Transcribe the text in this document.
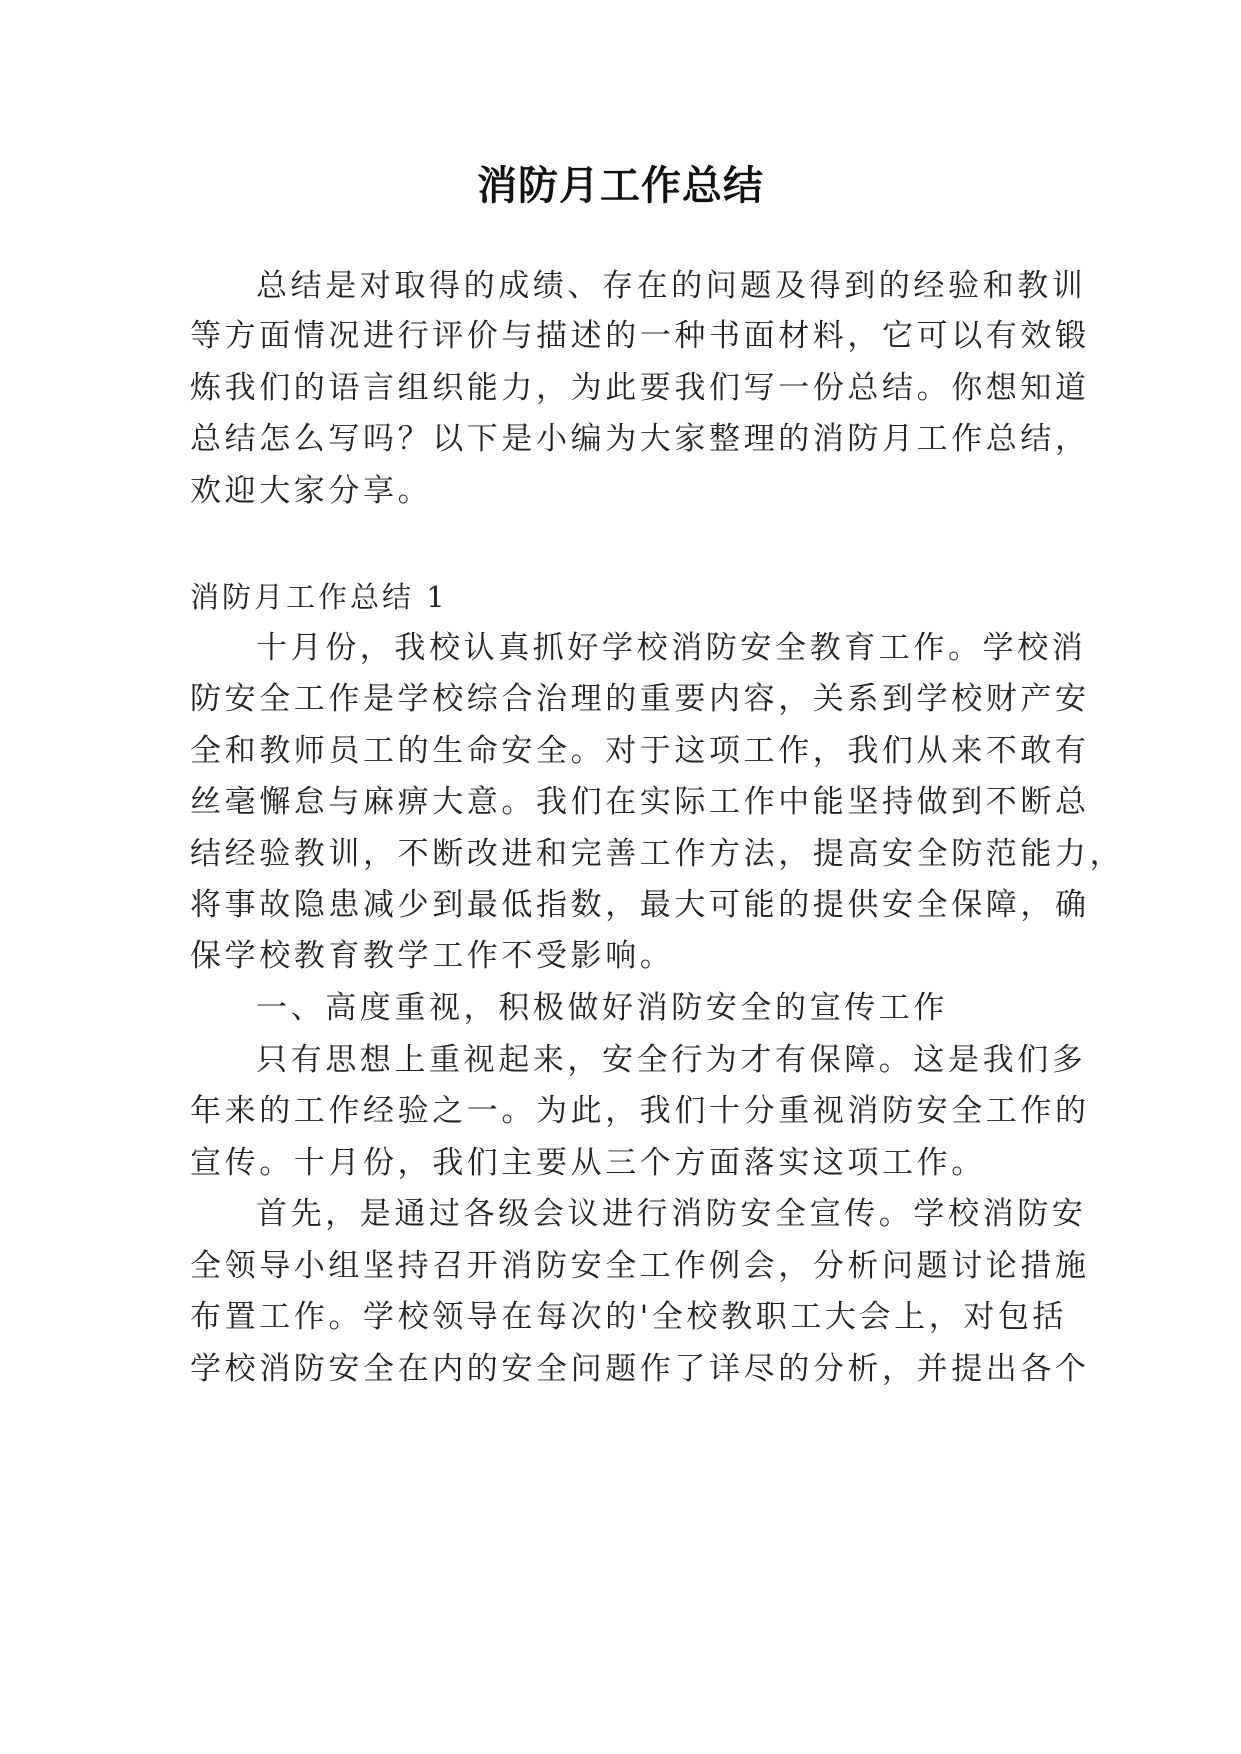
消防月工作总结
总结是对取得的成绩、存在的问题及得到的经验和教训
等方面情况进行评价与描述的一种书面材料，它可以有效锻
炼我们的语言组织能力，为此要我们写一份总结。你想知道
总结怎么写吗？以下是小编为大家整理的消防月工作总结，
欢迎大家分享。
消防月工作总结 1
十月份，我校认真抓好学校消防安全教育工作。学校消
防安全工作是学校综合治理的重要内容，关系到学校财产安
全和教师员工的生命安全。对于这项工作，我们从来不敢有
丝毫懈怠与麻痹大意。我们在实际工作中能坚持做到不断总
结经验教训，不断改进和完善工作方法，提高安全防范能力，
将事故隐患减少到最低指数，最大可能的提供安全保障，确
保学校教育教学工作不受影响。
一、高度重视，积极做好消防安全的宣传工作
只有思想上重视起来，安全行为才有保障。这是我们多
年来的工作经验之一。为此，我们十分重视消防安全工作的
宣传。十月份，我们主要从三个方面落实这项工作。
首先，是通过各级会议进行消防安全宣传。学校消防安
全领导小组坚持召开消防安全工作例会，分析问题讨论措施
布置工作。学校领导在每次的'全校教职工大会上，对包括
学校消防安全在内的安全问题作了详尽的分析，并提出各个
